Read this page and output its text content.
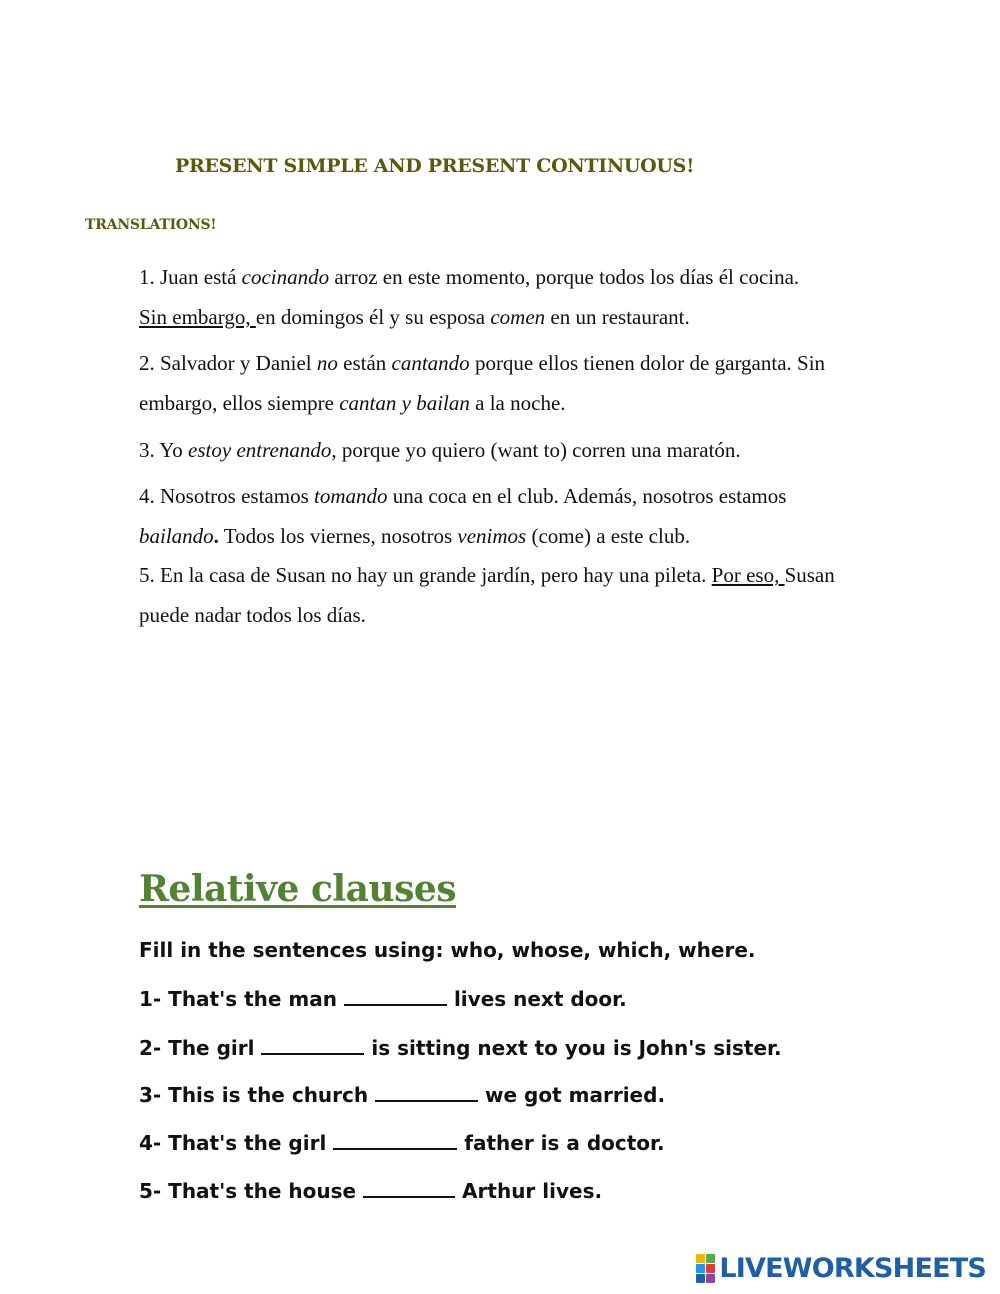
PRESENT SIMPLE AND PRESENT CONTINUOUS!
TRANSLATIONS!
1. Juan está cocinando arroz en este momento, porque todos los días él cocina.
Sin embargo, en domingos él y su esposa comen en un restaurant.
2. Salvador y Daniel no están cantando porque ellos tienen dolor de garganta. Sin
embargo, ellos siempre cantan y bailan a la noche.
3. Yo estoy entrenando, porque yo quiero (want to) corren una maratón.
4. Nosotros estamos tomando una coca en el club. Además, nosotros estamos
bailando. Todos los viernes, nosotros venimos (come) a este club.
5. En la casa de Susan no hay un grande jardín, pero hay una pileta. Por eso, Susan
puede nadar todos los días.
Relative clauses
Fill in the sentences using: who, whose, which, where.
1- That's the man	lives next door.
2- The girl	is sitting next to you is John's sister.
3- This is the church	we got married.
4- That's the girl	father is a doctor.
5- That's the house	Arthur lives.
LIVEWORKSHEETS
